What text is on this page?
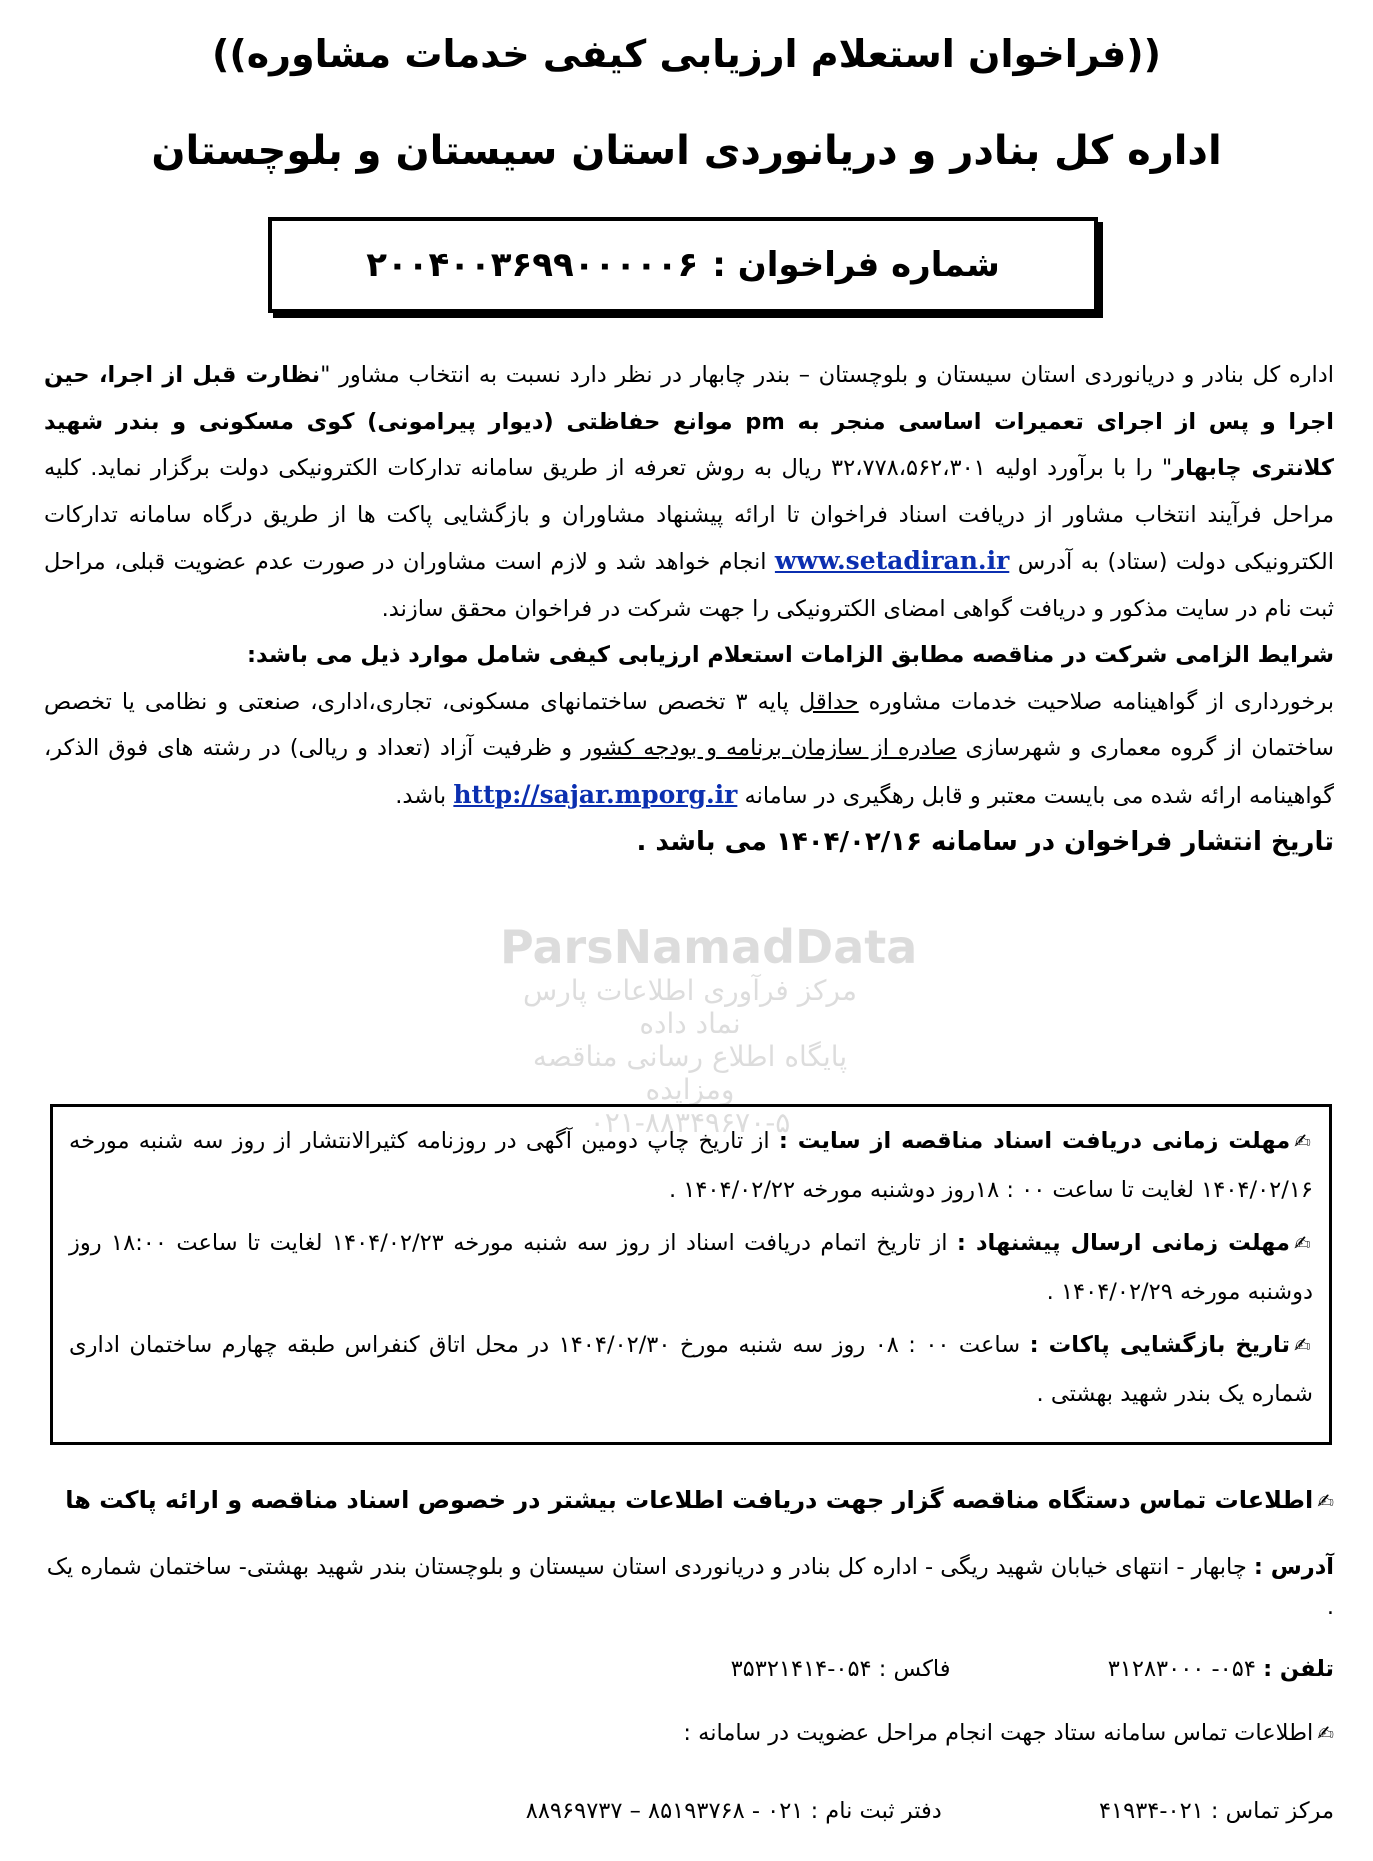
((فراخوان استعلام ارزیابی کیفی خدمات مشاوره))
اداره کل بنادر و دریانوردی استان سیستان و بلوچستان
شماره فراخوان :
۲۰۰۴۰۰۳۶۹۹۰۰۰۰۰۶
ParsNamadData
مرکز فرآوری اطلاعات پارس نماد داده
پایگاه اطلاع رسانی مناقصه ومزایده
۰۲۱-۸۸۳۴۹۶۷۰-۵

اداره کل بنادر و دریانوردی استان سیستان و بلوچستان – بندر چابهار در نظر دارد نسبت به انتخاب مشاور "نظارت قبل از اجرا، حین اجرا و پس از اجرای تعمیرات اساسی منجر به pm موانع حفاظتی (دیوار پیرامونی) کوی مسکونی و بندر شهید کلانتری چابهار" را با برآورد اولیه ۳۲،۷۷۸،۵۶۲،۳۰۱ ریال به روش تعرفه از طریق سامانه تدارکات الکترونیکی دولت برگزار نماید. کلیه مراحل فرآیند انتخاب مشاور از دریافت اسناد فراخوان تا ارائه پیشنهاد مشاوران و بازگشایی پاکت ها از طریق درگاه سامانه تدارکات الکترونیکی دولت (ستاد) به آدرس www.setadiran.ir انجام خواهد شد و لازم است مشاوران در صورت عدم عضویت قبلی، مراحل ثبت نام در سایت مذکور و دریافت گواهی امضای الکترونیکی را جهت شرکت در فراخوان محقق سازند.

شرایط الزامی شرکت در مناقصه مطابق الزامات استعلام ارزیابی کیفی شامل موارد ذیل می باشد:

برخورداری از گواهینامه صلاحیت خدمات مشاوره حداقل پایه ۳ تخصص ساختمانهای مسکونی، تجاری،اداری، صنعتی و نظامی یا تخصص ساختمان از گروه معماری و شهرسازی صادره از سازمان برنامه و بودجه کشور و ظرفیت آزاد (تعداد و ریالی) در رشته های فوق الذکر، گواهینامه ارائه شده می بایست معتبر و قابل رهگیری در سامانه http://sajar.mporg.ir باشد.

تاریخ انتشار فراخوان در سامانه ۱۴۰۴/۰۲/۱۶ می باشد .

✍مهلت زمانی دریافت اسناد مناقصه از سایت : از تاریخ چاپ دومین آگهی در روزنامه کثیرالانتشار از روز سه شنبه مورخه ۱۴۰۴/۰۲/۱۶ لغایت تا ساعت ۰۰ : ۱۸روز دوشنبه مورخه ۱۴۰۴/۰۲/۲۲ .

✍مهلت زمانی ارسال پیشنهاد : از تاریخ اتمام دریافت اسناد از روز سه شنبه مورخه ۱۴۰۴/۰۲/۲۳ لغایت تا ساعت ۱۸:۰۰ روز دوشنبه مورخه ۱۴۰۴/۰۲/۲۹ .

✍تاریخ بازگشایی پاکات : ساعت ۰۰ : ۰۸ روز سه شنبه مورخ ۱۴۰۴/۰۲/۳۰ در محل اتاق کنفراس طبقه چهارم ساختمان اداری شماره یک بندر شهید بهشتی .

✍اطلاعات تماس دستگاه مناقصه گزار جهت دریافت اطلاعات بیشتر در خصوص اسناد مناقصه و ارائه پاکت ها

آدرس : چابهار - انتهای خیابان شهید ریگی - اداره کل بنادر و دریانوردی استان سیستان و بلوچستان بندر شهید بهشتی- ساختمان شماره یک .

تلفن : ۰۵۴- ۳۱۲۸۳۰۰۰ فاکس : ۰۵۴-۳۵۳۲۱۴۱۴

✍اطلاعات تماس سامانه ستاد جهت انجام مراحل عضویت در سامانه :

مرکز تماس : ۰۲۱-۴۱۹۳۴ دفتر ثبت نام : ۰۲۱ - ۸۵۱۹۳۷۶۸ – ۸۸۹۶۹۷۳۷
